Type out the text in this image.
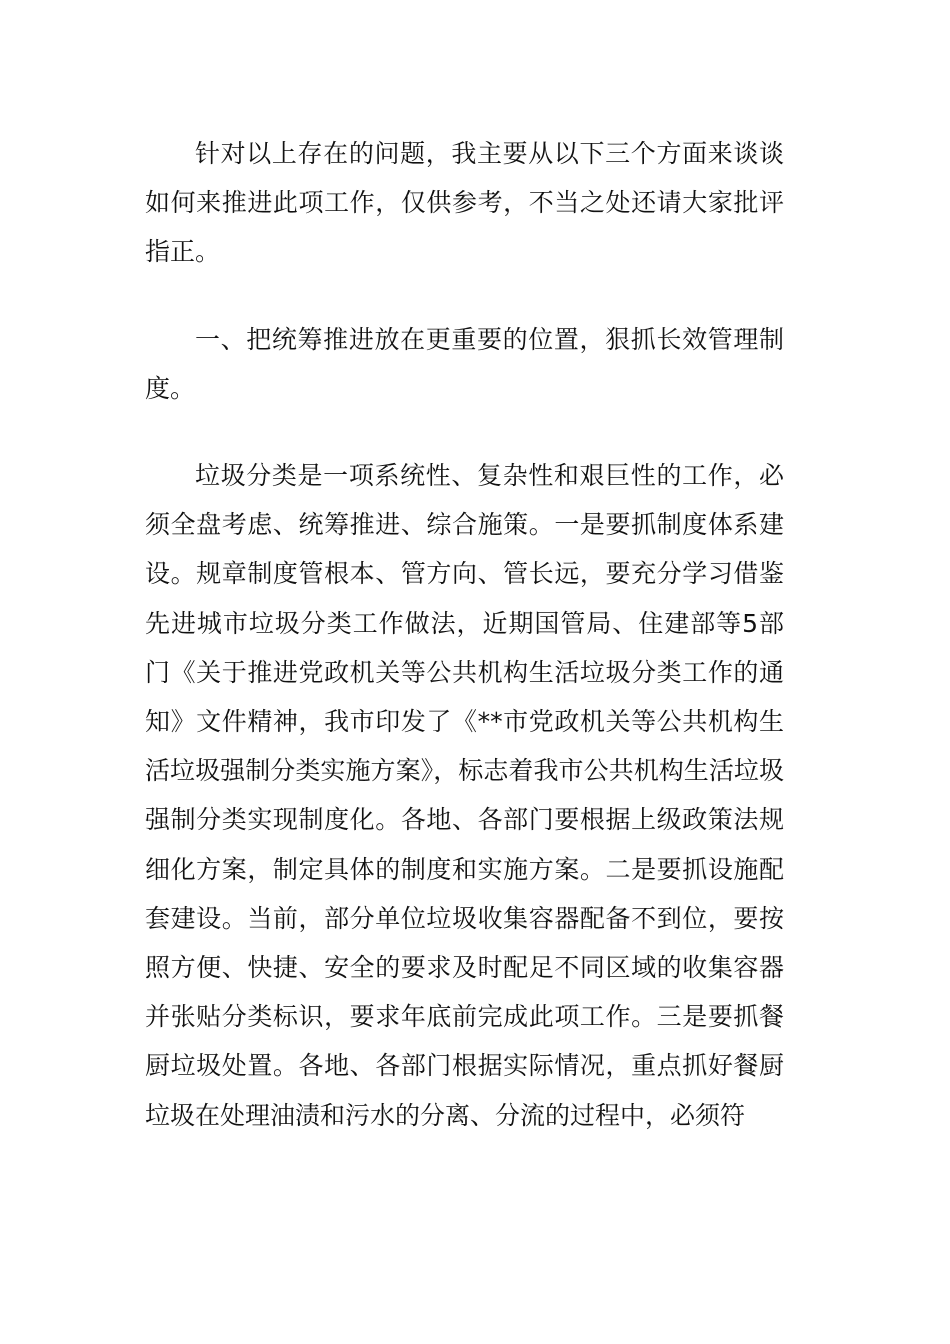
针对以上存在的问题，我主要从以下三个方面来谈谈如何来推进此项工作，仅供参考，不当之处还请大家批评指正。

一、把统筹推进放在更重要的位置，狠抓长效管理制度。

垃圾分类是一项系统性、复杂性和艰巨性的工作，必须全盘考虑、统筹推进、综合施策。一是要抓制度体系建设。规章制度管根本、管方向、管长远，要充分学习借鉴先进城市垃圾分类工作做法，近期国管局、住建部等5部门《关于推进党政机关等公共机构生活垃圾分类工作的通知》文件精神，我市印发了《**市党政机关等公共机构生活垃圾强制分类实施方案》，标志着我市公共机构生活垃圾强制分类实现制度化。各地、各部门要根据上级政策法规细化方案，制定具体的制度和实施方案。二是要抓设施配套建设。当前，部分单位垃圾收集容器配备不到位，要按照方便、快捷、安全的要求及时配足不同区域的收集容器并张贴分类标识，要求年底前完成此项工作。三是要抓餐厨垃圾处置。各地、各部门根据实际情况，重点抓好餐厨垃圾在处理油渍和污水的分离、分流的过程中，必须符
